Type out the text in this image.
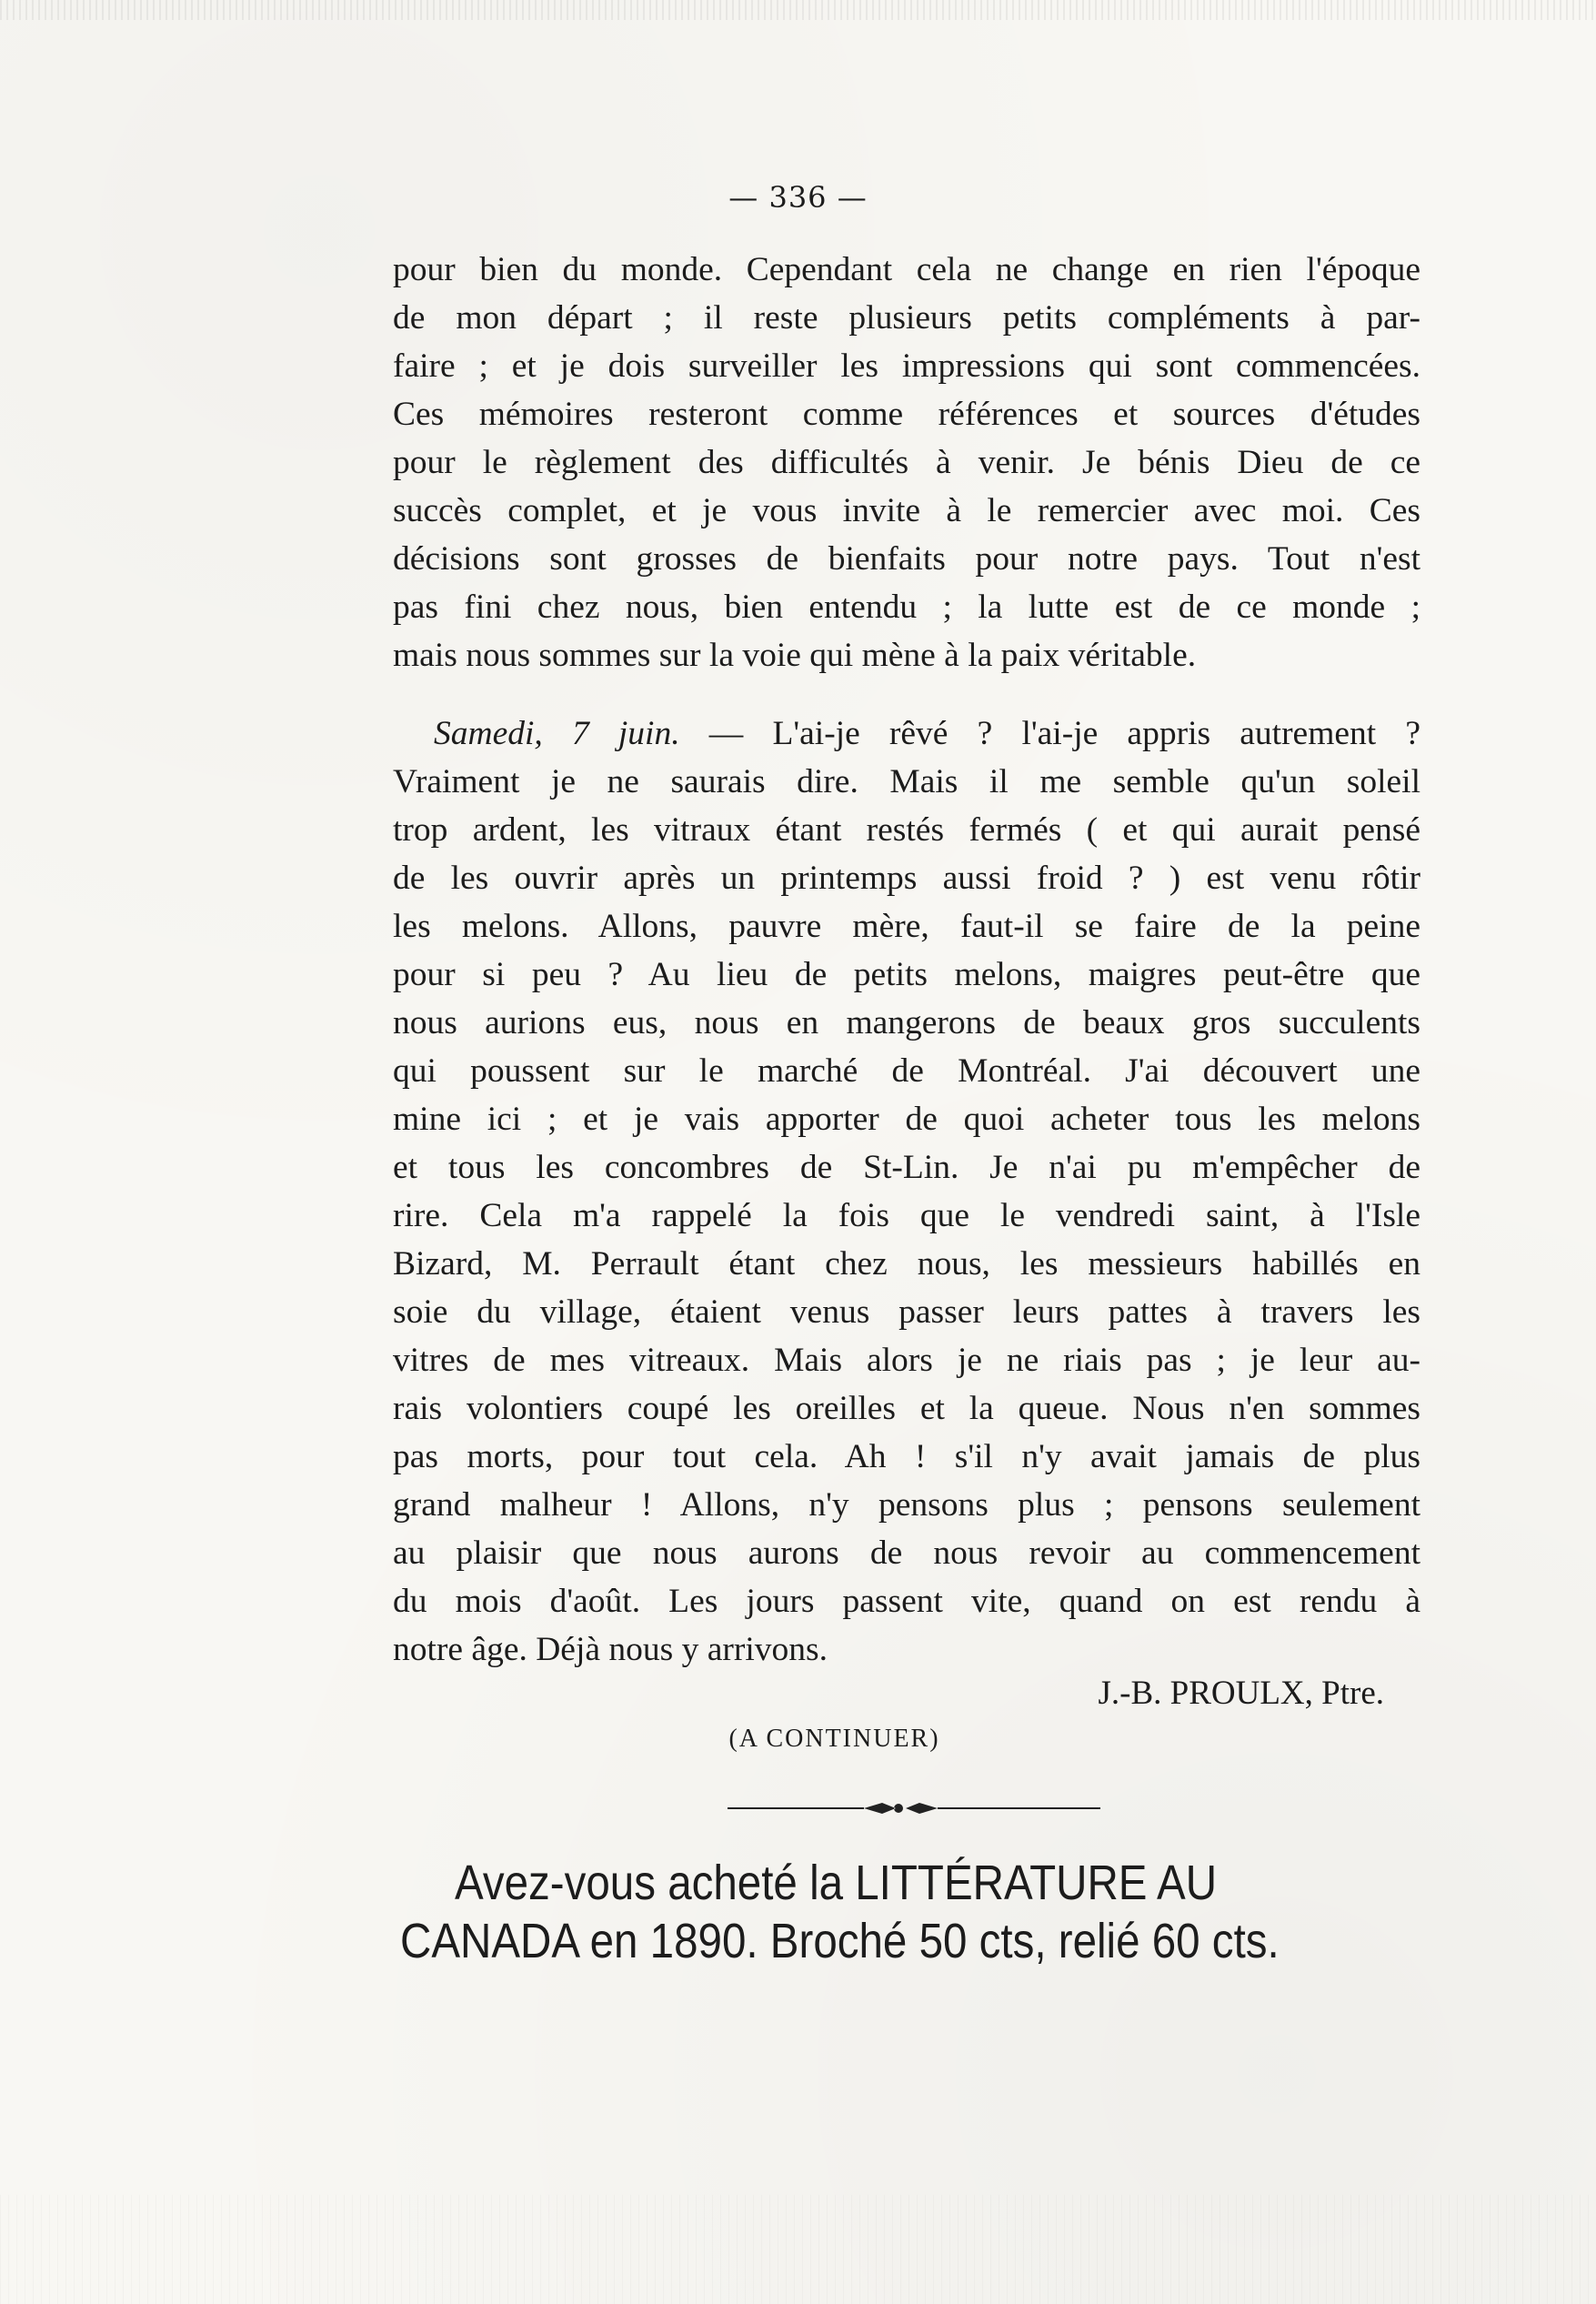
— 336 —
pour bien du monde. Cependant cela ne change en rien l'époque
de mon départ ; il reste plusieurs petits compléments à par-
faire ; et je dois surveiller les impressions qui sont commencées.
Ces mémoires resteront comme références et sources d'études
pour le règlement des difficultés à venir. Je bénis Dieu de ce
succès complet, et je vous invite à le remercier avec moi. Ces
décisions sont grosses de bienfaits pour notre pays. Tout n'est
pas fini chez nous, bien entendu ; la lutte est de ce monde ;
mais nous sommes sur la voie qui mène à la paix véritable.
Samedi, 7 juin. — L'ai-je rêvé ? l'ai-je appris autrement ?
Vraiment je ne saurais dire. Mais il me semble qu'un soleil
trop ardent, les vitraux étant restés fermés ( et qui aurait pensé
de les ouvrir après un printemps aussi froid ? ) est venu rôtir
les melons. Allons, pauvre mère, faut-il se faire de la peine
pour si peu ? Au lieu de petits melons, maigres peut-être que
nous aurions eus, nous en mangerons de beaux gros succulents
qui poussent sur le marché de Montréal. J'ai découvert une
mine ici ; et je vais apporter de quoi acheter tous les melons
et tous les concombres de St-Lin. Je n'ai pu m'empêcher de
rire. Cela m'a rappelé la fois que le vendredi saint, à l'Isle
Bizard, M. Perrault étant chez nous, les messieurs habillés en
soie du village, étaient venus passer leurs pattes à travers les
vitres de mes vitreaux. Mais alors je ne riais pas ; je leur au-
rais volontiers coupé les oreilles et la queue. Nous n'en sommes
pas morts, pour tout cela. Ah ! s'il n'y avait jamais de plus
grand malheur ! Allons, n'y pensons plus ; pensons seulement
au plaisir que nous aurons de nous revoir au commencement
du mois d'août. Les jours passent vite, quand on est rendu à
notre âge. Déjà nous y arrivons.
J.-B. PROULX, Ptre.
(A CONTINUER)
Avez-vous acheté la LITTÉRATURE AU
CANADA en 1890. Broché 50 cts, relié 60 cts.
